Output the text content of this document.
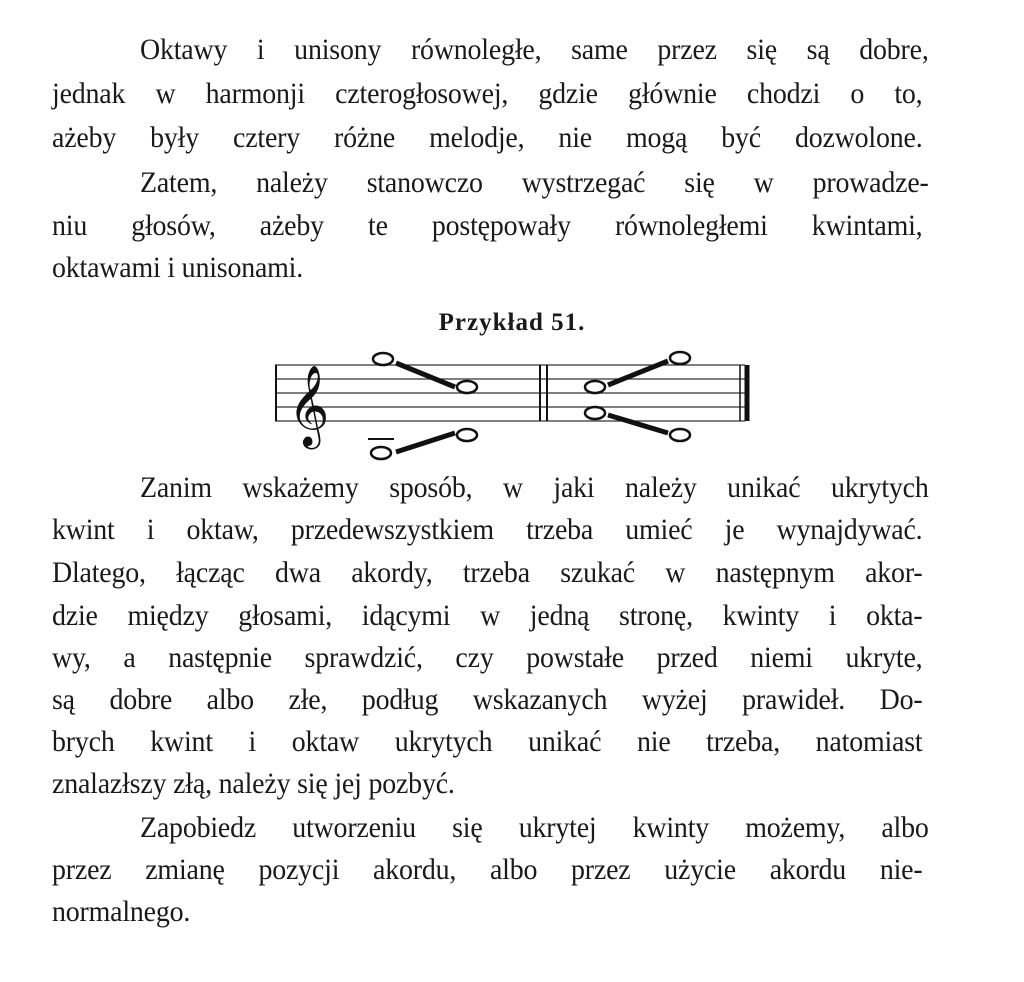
Oktawy i unisony równoległe, same przez się są dobre,
jednak w harmonji czterogłosowej, gdzie głównie chodzi o to,
ażeby były cztery różne melodje, nie mogą być dozwolone.
Zatem, należy stanowczo wystrzegać się w prowadze-
niu głosów, ażeby te postępowały równoległemi kwintami,
oktawami i unisonami.
Przykład 51.
𝄞
Zanim wskażemy sposób, w jaki należy unikać ukrytych
kwint i oktaw, przedewszystkiem trzeba umieć je wynajdywać.
Dlatego, łącząc dwa akordy, trzeba szukać w następnym akor-
dzie między głosami, idącymi w jedną stronę, kwinty i okta-
wy, a następnie sprawdzić, czy powstałe przed niemi ukryte,
są dobre albo złe, podług wskazanych wyżej prawideł. Do-
brych kwint i oktaw ukrytych unikać nie trzeba, natomiast
znalazłszy złą, należy się jej pozbyć.
Zapobiedz utworzeniu się ukrytej kwinty możemy, albo
przez zmianę pozycji akordu, albo przez użycie akordu nie-
normalnego.
